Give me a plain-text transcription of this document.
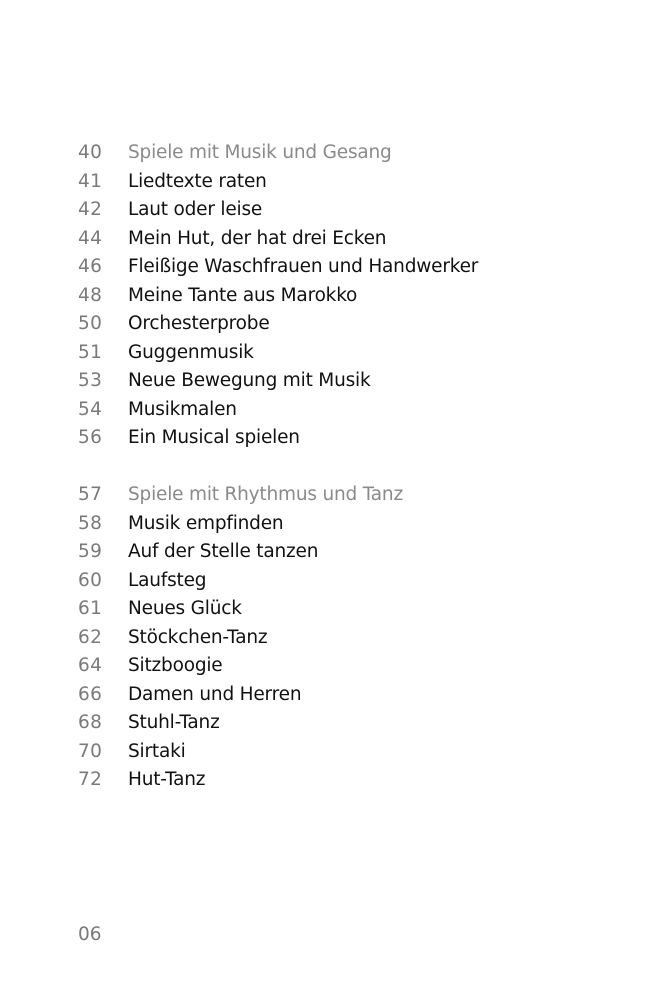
40 Spiele mit Musik und Gesang
41 Liedtexte raten
42 Laut oder leise
44 Mein Hut, der hat drei Ecken
46 Fleißige Waschfrauen und Handwerker
48 Meine Tante aus Marokko
50 Orchesterprobe
51 Guggenmusik
53 Neue Bewegung mit Musik
54 Musikmalen
56 Ein Musical spielen
57 Spiele mit Rhythmus und Tanz
58 Musik empfinden
59 Auf der Stelle tanzen
60 Laufsteg
61 Neues Glück
62 Stöckchen-Tanz
64 Sitzboogie
66 Damen und Herren
68 Stuhl-Tanz
70 Sirtaki
72 Hut-Tanz
06
